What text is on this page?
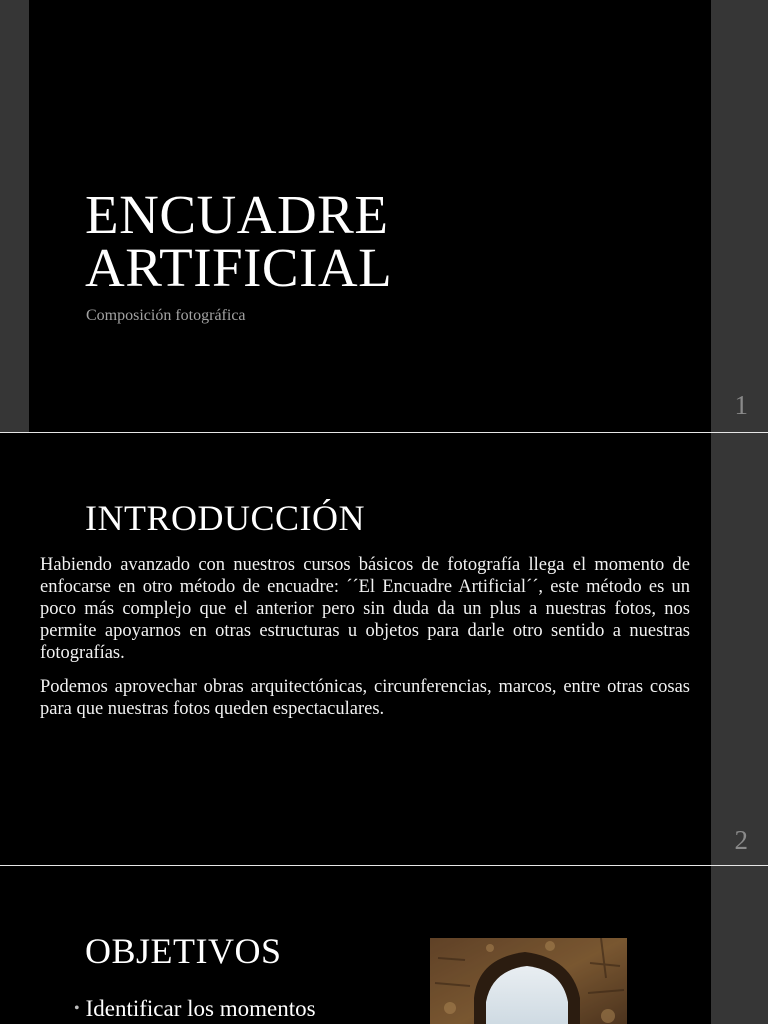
ENCUADRE
ARTIFICIAL
Composición fotográfica
1
INTRODUCCIÓN

Habiendo avanzado con nuestros cursos básicos de fotografía llega el momento de enfocarse en otro método de encuadre: ´´El Encuadre Artificial´´, este método es un poco más complejo que el anterior pero sin duda da un plus a nuestras fotos, nos permite apoyarnos en otras estructuras u objetos para darle otro sentido a nuestras fotografías.

Podemos aprovechar obras arquitectónicas, circunferencias, marcos, entre otras cosas para que nuestras fotos queden espectaculares.

2
OBJETIVOS
• Identificar los momentos
